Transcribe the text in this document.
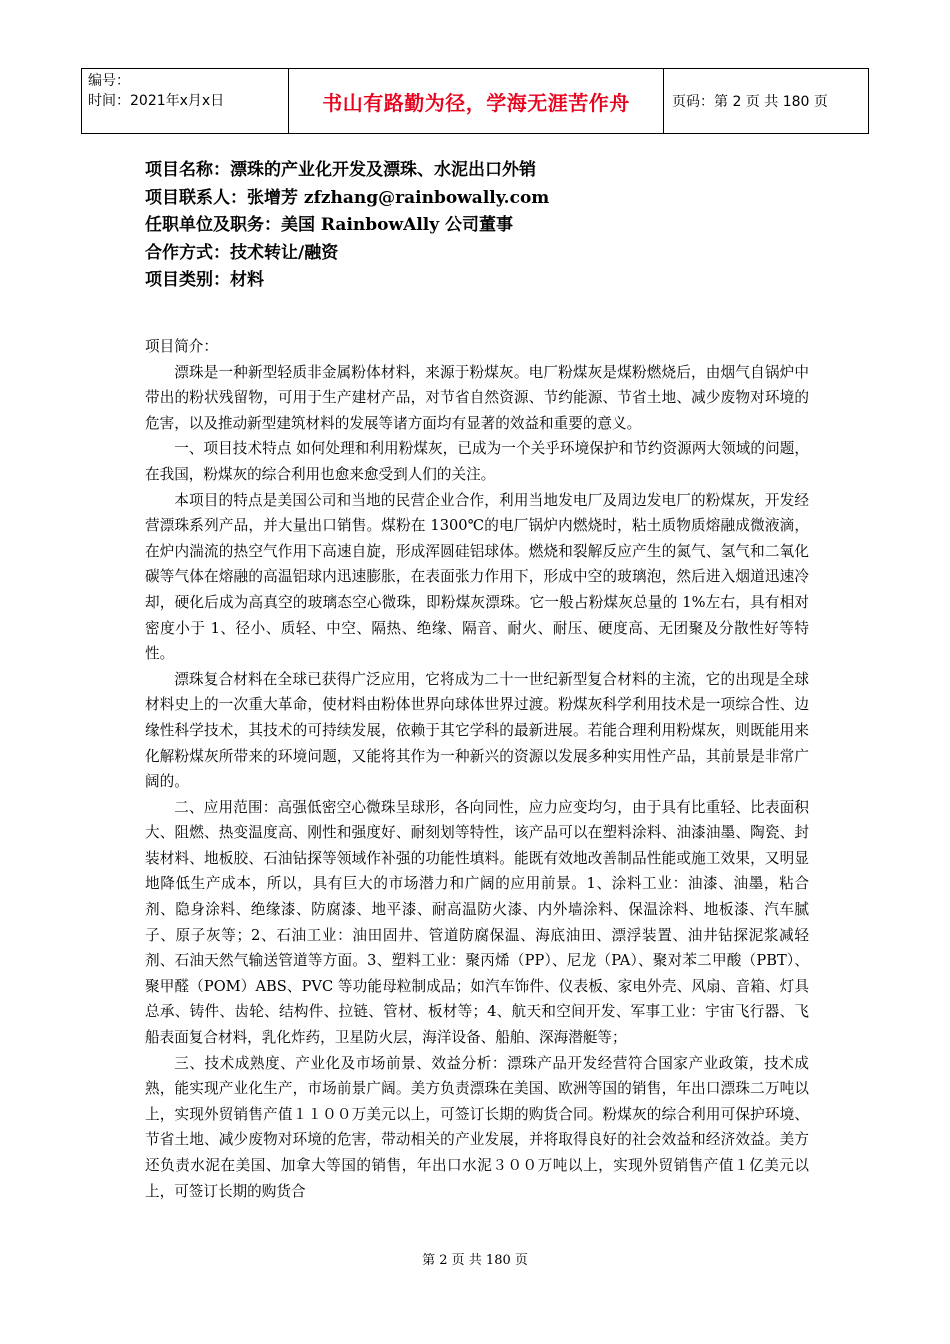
编号：
时间：2021年x月x日	书山有路勤为径，学海无涯苦作舟	页码：第 2 页 共 180 页
项目名称：漂珠的产业化开发及漂珠、水泥出口外销
项目联系人：张增芳 zfzhang@rainbowally.com
任职单位及职务：美国 RainbowAlly 公司董事
合作方式：技术转让/融资
项目类别：材料

项目简介：

漂珠是一种新型轻质非金属粉体材料，来源于粉煤灰。电厂粉煤灰是煤粉燃烧后，由烟气自锅炉中带出的粉状残留物，可用于生产建材产品，对节省自然资源、节约能源、节省土地、减少废物对环境的危害，以及推动新型建筑材料的发展等诸方面均有显著的效益和重要的意义。

一、项目技术特点 如何处理和利用粉煤灰，已成为一个关乎环境保护和节约资源两大领域的问题，在我国，粉煤灰的综合利用也愈来愈受到人们的关注。

本项目的特点是美国公司和当地的民营企业合作，利用当地发电厂及周边发电厂的粉煤灰，开发经营漂珠系列产品，并大量出口销售。煤粉在 1300℃的电厂锅炉内燃烧时，粘土质物质熔融成微液滴，在炉内湍流的热空气作用下高速自旋，形成浑圆硅铝球体。燃烧和裂解反应产生的氮气、氢气和二氧化碳等气体在熔融的高温铝球内迅速膨胀，在表面张力作用下，形成中空的玻璃泡，然后进入烟道迅速冷却，硬化后成为高真空的玻璃态空心微珠，即粉煤灰漂珠。它一般占粉煤灰总量的 1%左右，具有相对密度小于 1、径小、质轻、中空、隔热、绝缘、隔音、耐火、耐压、硬度高、无团聚及分散性好等特性。

漂珠复合材料在全球已获得广泛应用，它将成为二十一世纪新型复合材料的主流，它的出现是全球材料史上的一次重大革命，使材料由粉体世界向球体世界过渡。粉煤灰科学利用技术是一项综合性、边缘性科学技术，其技术的可持续发展，依赖于其它学科的最新进展。若能合理利用粉煤灰，则既能用来化解粉煤灰所带来的环境问题，又能将其作为一种新兴的资源以发展多种实用性产品，其前景是非常广阔的。

二、应用范围：高强低密空心微珠呈球形，各向同性，应力应变均匀，由于具有比重轻、比表面积大、阻燃、热变温度高、刚性和强度好、耐刻划等特性，该产品可以在塑料涂料、油漆油墨、陶瓷、封装材料、地板胶、石油钻探等领域作补强的功能性填料。能既有效地改善制品性能或施工效果，又明显地降低生产成本，所以，具有巨大的市场潜力和广阔的应用前景。1、涂料工业：油漆、油墨，粘合剂、隐身涂料、绝缘漆、防腐漆、地平漆、耐高温防火漆、内外墙涂料、保温涂料、地板漆、汽车腻子、原子灰等；2、石油工业：油田固井、管道防腐保温、海底油田、漂浮装置、油井钻探泥浆减轻剂、石油天然气输送管道等方面。3、塑料工业：聚丙烯（PP）、尼龙（PA）、聚对苯二甲酸（PBT）、聚甲醛（POM）ABS、PVC 等功能母粒制成品；如汽车饰件、仪表板、家电外壳、风扇、音箱、灯具总承、铸件、齿轮、结构件、拉链、管材、板材等；4、航天和空间开发、军事工业：宇宙飞行器、飞船表面复合材料，乳化炸药，卫星防火层，海洋设备、船舶、深海潜艇等；

三、技术成熟度、产业化及市场前景、效益分析：漂珠产品开发经营符合国家产业政策，技术成熟，能实现产业化生产，市场前景广阔。美方负责漂珠在美国、欧洲等国的销售，年出口漂珠二万吨以上，实现外贸销售产值１１００万美元以上，可签订长期的购货合同。粉煤灰的综合利用可保护环境、节省土地、减少废物对环境的危害，带动相关的产业发展，并将取得良好的社会效益和经济效益。美方还负责水泥在美国、加拿大等国的销售，年出口水泥３００万吨以上，实现外贸销售产值１亿美元以上，可签订长期的购货合

第 2 页 共 180 页
